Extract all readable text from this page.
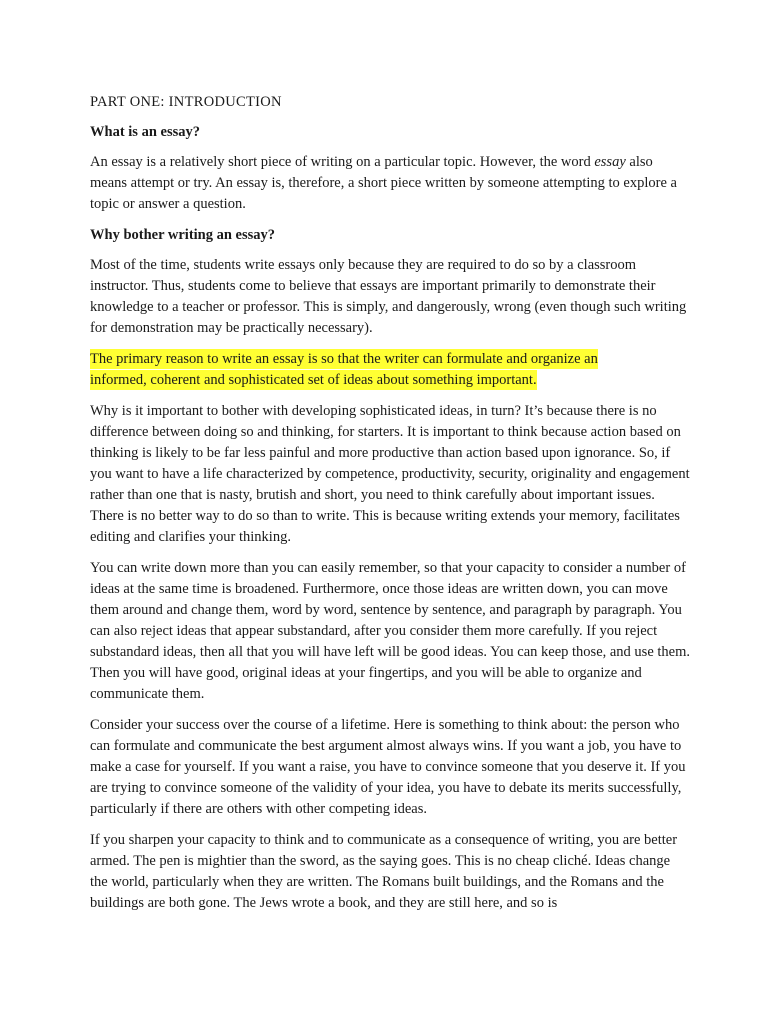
PART ONE: INTRODUCTION
What is an essay?

An essay is a relatively short piece of writing on a particular topic. However, the word essay also means attempt or try. An essay is, therefore, a short piece written by someone attempting to explore a topic or answer a question.

Why bother writing an essay?

Most of the time, students write essays only because they are required to do so by a classroom instructor. Thus, students come to believe that essays are important primarily to demonstrate their knowledge to a teacher or professor. This is simply, and dangerously, wrong (even though such writing for demonstration may be practically necessary).

The primary reason to write an essay is so that the writer can formulate and organize an
informed, coherent and sophisticated set of ideas about something important.

Why is it important to bother with developing sophisticated ideas, in turn? It’s because there is no difference between doing so and thinking, for starters. It is important to think because action based on thinking is likely to be far less painful and more productive than action based upon ignorance. So, if you want to have a life characterized by competence, productivity, security, originality and engagement rather than one that is nasty, brutish and short, you need to think carefully about important issues. There is no better way to do so than to write. This is because writing extends your memory, facilitates editing and clarifies your thinking.

You can write down more than you can easily remember, so that your capacity to consider a number of ideas at the same time is broadened. Furthermore, once those ideas are written down, you can move them around and change them, word by word, sentence by sentence, and paragraph by paragraph. You can also reject ideas that appear substandard, after you consider them more carefully. If you reject substandard ideas, then all that you will have left will be good ideas. You can keep those, and use them. Then you will have good, original ideas at your fingertips, and you will be able to organize and communicate them.

Consider your success over the course of a lifetime. Here is something to think about: the person who can formulate and communicate the best argument almost always wins. If you want a job, you have to make a case for yourself. If you want a raise, you have to convince someone that you deserve it. If you are trying to convince someone of the validity of your idea, you have to debate its merits successfully, particularly if there are others with other competing ideas.

If you sharpen your capacity to think and to communicate as a consequence of writing, you are better armed. The pen is mightier than the sword, as the saying goes. This is no cheap cliché. Ideas change the world, particularly when they are written. The Romans built buildings, and the Romans and the buildings are both gone. The Jews wrote a book, and they are still here, and so is
